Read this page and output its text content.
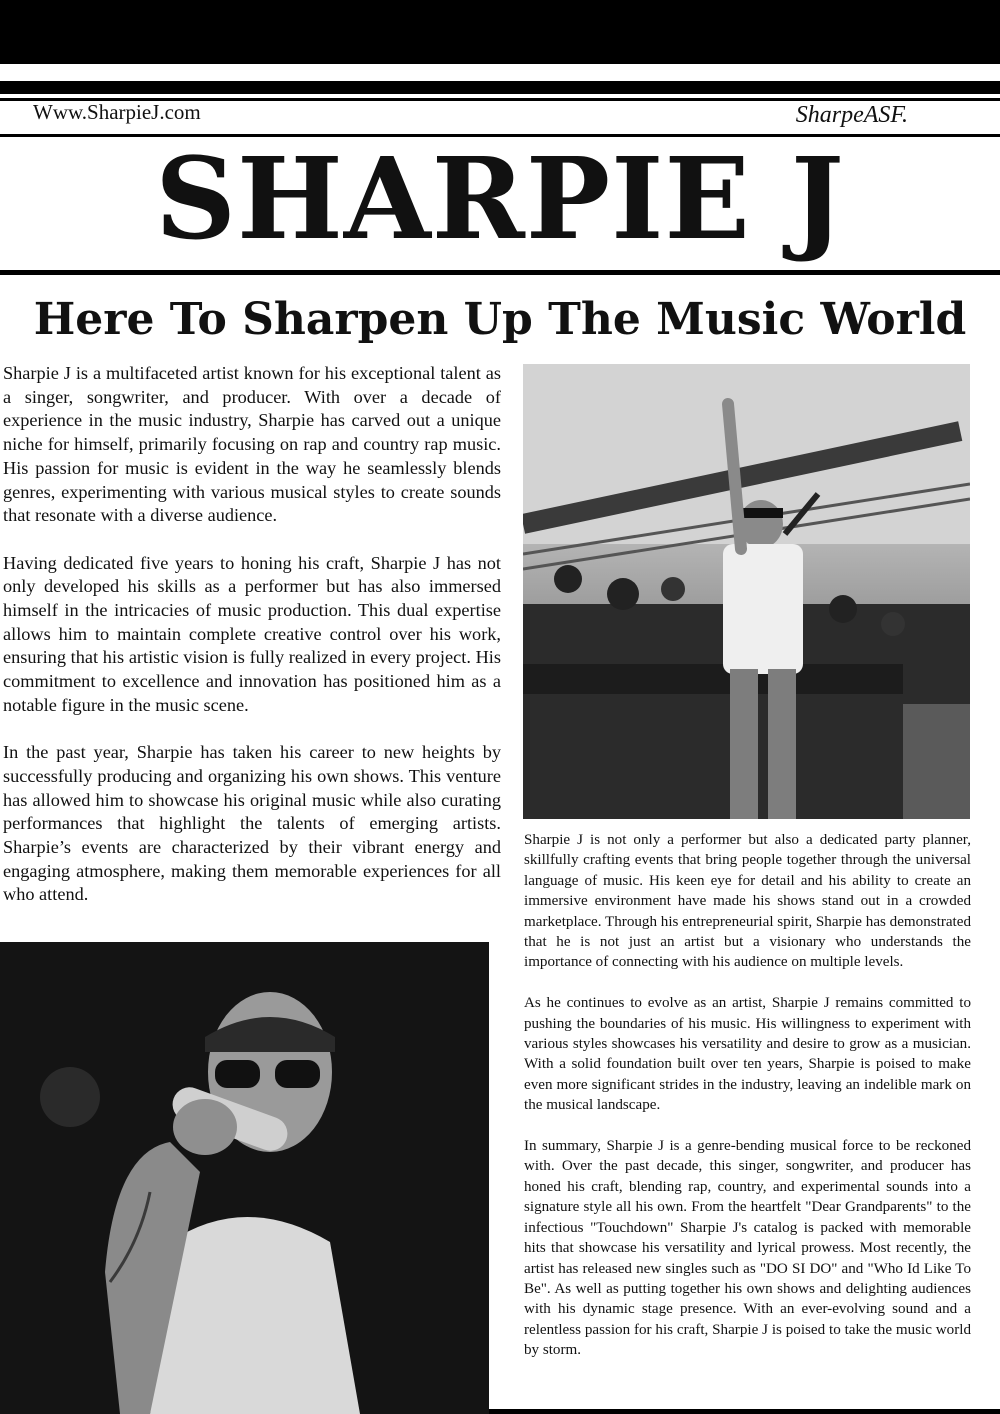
Www.SharpieJ.com	SharpeASF.
SHARPIE J
Here To Sharpen Up The Music World

Sharpie J is a multifaceted artist known for his exceptional talent as a singer, songwriter, and producer. With over a decade of experience in the music industry, Sharpie has carved out a unique niche for himself, primarily focusing on rap and country rap music. His passion for music is evident in the way he seamlessly blends genres, experimenting with various musical styles to create sounds that resonate with a diverse audience.

Having dedicated five years to honing his craft, Sharpie J has not only developed his skills as a performer but has also immersed himself in the intricacies of music production. This dual expertise allows him to maintain complete creative control over his work, ensuring that his artistic vision is fully realized in every project. His commitment to excellence and innovation has positioned him as a notable figure in the music scene.

In the past year, Sharpie has taken his career to new heights by successfully producing and organizing his own shows. This venture has allowed him to showcase his original music while also curating performances that highlight the talents of emerging artists. Sharpie’s events are characterized by their vibrant energy and engaging atmosphere, making them memorable experiences for all who attend.

Sharpie J is not only a performer but also a dedicated party planner, skillfully crafting events that bring people together through the universal language of music. His keen eye for detail and his ability to create an immersive environment have made his shows stand out in a crowded marketplace. Through his entrepreneurial spirit, Sharpie has demonstrated that he is not just an artist but a visionary who understands the importance of connecting with his audience on multiple levels.

As he continues to evolve as an artist, Sharpie J remains committed to pushing the boundaries of his music. His willingness to experiment with various styles showcases his versatility and desire to grow as a musician. With a solid foundation built over ten years, Sharpie is poised to make even more significant strides in the industry, leaving an indelible mark on the musical landscape.

In summary, Sharpie J is a genre-bending musical force to be reckoned with. Over the past decade, this singer, songwriter, and producer has honed his craft, blending rap, country, and experimental sounds into a signature style all his own. From the heartfelt "Dear Grandparents" to the infectious "Touchdown" Sharpie J's catalog is packed with memorable hits that showcase his versatility and lyrical prowess. Most recently, the artist has released new singles such as "DO SI DO" and "Who Id Like To Be". As well as putting together his own shows and delighting audiences with his dynamic stage presence. With an ever-evolving sound and a relentless passion for his craft, Sharpie J is poised to take the music world by storm.
